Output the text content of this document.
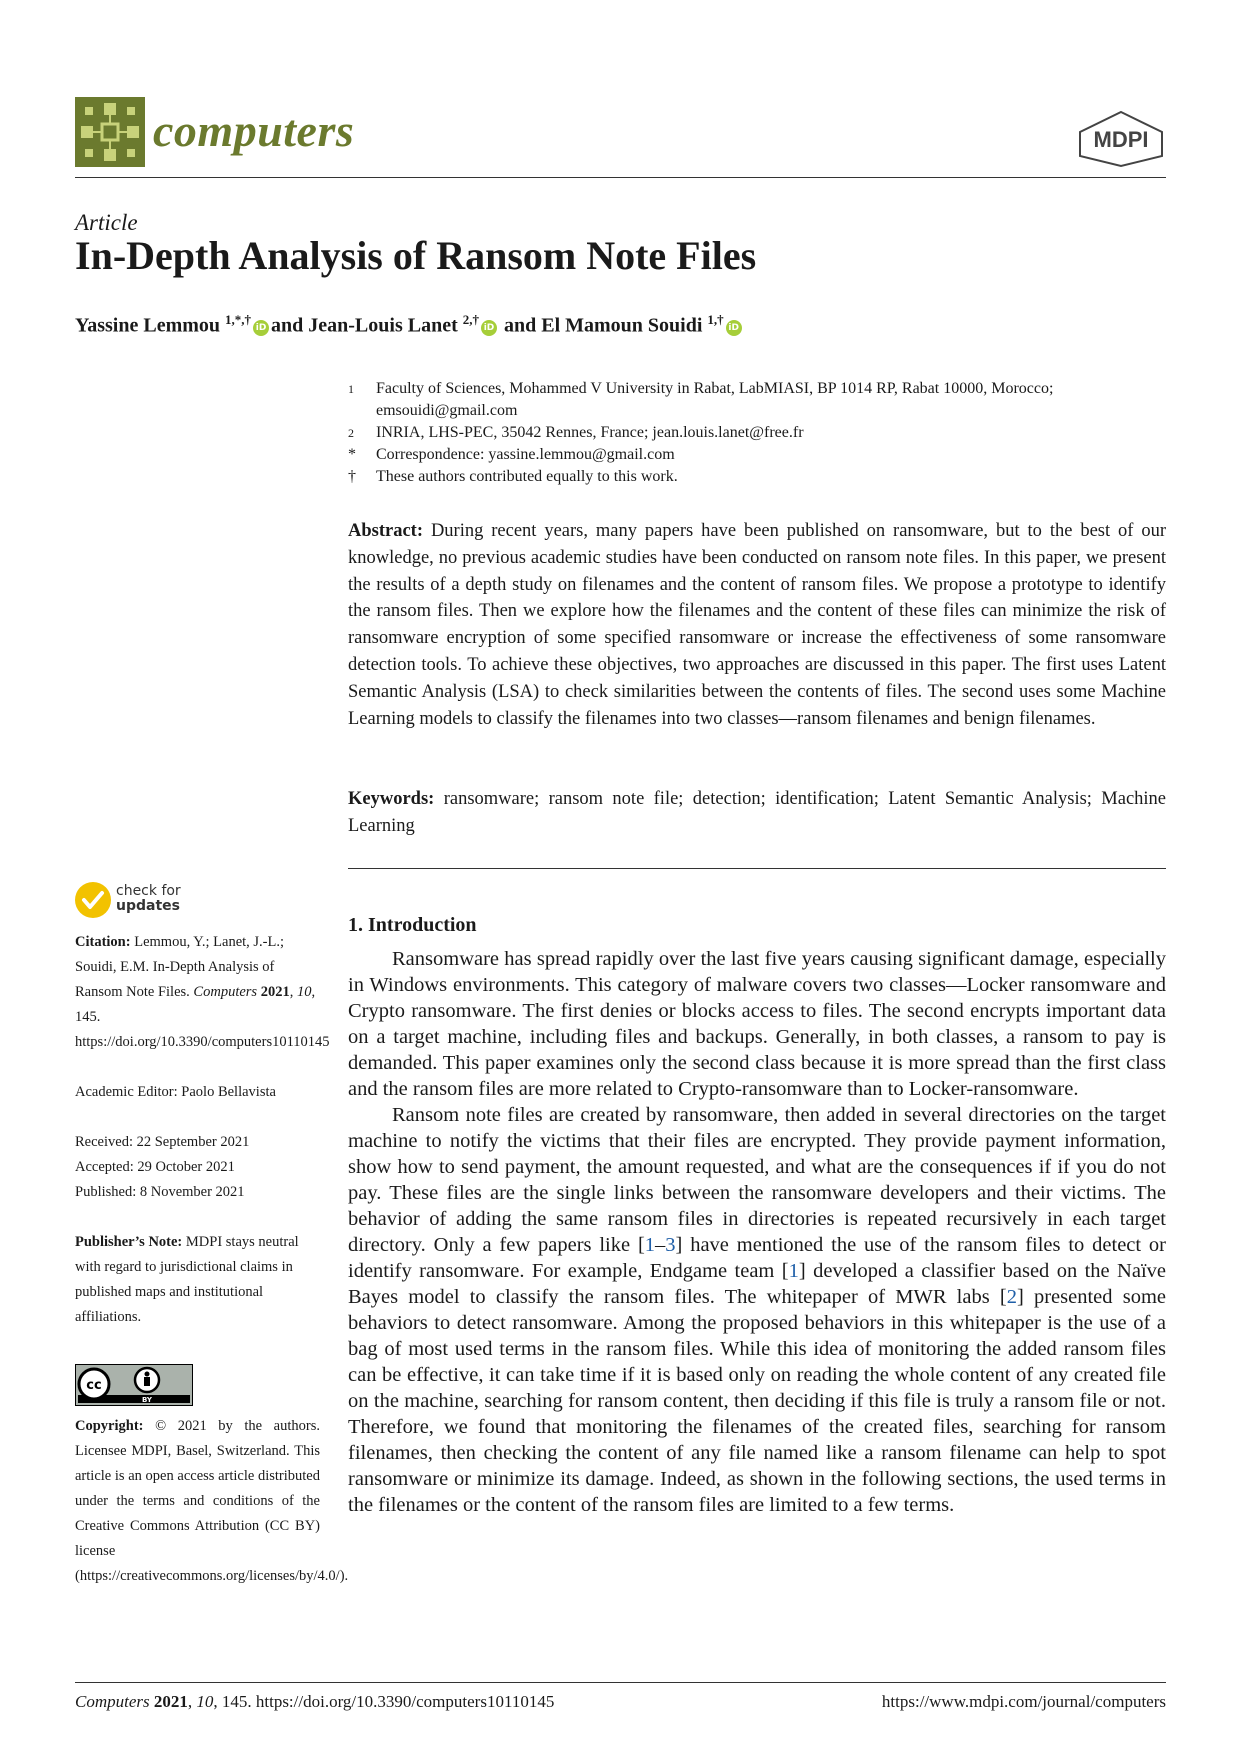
computers	MDPI
Article
In-Depth Analysis of Ransom Note Files
Yassine Lemmou $^{1,*,\dagger}$iD and Jean-Louis Lanet $^{2,\dagger}$iD and El Mamoun Souidi $^{1,\dagger}$iD
1	Faculty of Sciences, Mohammed V University in Rabat, LabMIASI, BP 1014 RP, Rabat 10000, Morocco; emsouidi@gmail.com
2	INRIA, LHS-PEC, 35042 Rennes, France; jean.louis.lanet@free.fr
*	Correspondence: yassine.lemmou@gmail.com
†	These authors contributed equally to this work.
Abstract: During recent years, many papers have been published on ransomware, but to the best of our knowledge, no previous academic studies have been conducted on ransom note files. In this paper, we present the results of a depth study on filenames and the content of ransom files. We propose a prototype to identify the ransom files. Then we explore how the filenames and the content of these files can minimize the risk of ransomware encryption of some specified ransomware or increase the effectiveness of some ransomware detection tools. To achieve these objectives, two approaches are discussed in this paper. The first uses Latent Semantic Analysis (LSA) to check similarities between the contents of files. The second uses some Machine Learning models to classify the filenames into two classes—ransom filenames and benign filenames.
Keywords: ransomware; ransom note file; detection; identification; Latent Semantic Analysis; Machine Learning
check for
updates
Citation: Lemmou, Y.; Lanet, J.-L.; Souidi, E.M. In-Depth Analysis of Ransom Note Files. Computers 2021, 10, 145. https://doi.org/10.3390/computers10110145
Academic Editor: Paolo Bellavista
Received: 22 September 2021
Accepted: 29 October 2021
Published: 8 November 2021
Publisher’s Note: MDPI stays neutral with regard to jurisdictional claims in published maps and institutional affiliations.
cc
BY
Copyright: © 2021 by the authors. Licensee MDPI, Basel, Switzerland. This article is an open access article distributed under the terms and conditions of the Creative Commons Attribution (CC BY) license (https://creativecommons.org/licenses/by/4.0/).
1. Introduction

Ransomware has spread rapidly over the last five years causing significant damage, especially in Windows environments. This category of malware covers two classes—Locker ransomware and Crypto ransomware. The first denies or blocks access to files. The second encrypts important data on a target machine, including files and backups. Generally, in both classes, a ransom to pay is demanded. This paper examines only the second class because it is more spread than the first class and the ransom files are more related to Crypto-ransomware than to Locker-ransomware.

Ransom note files are created by ransomware, then added in several directories on the target machine to notify the victims that their files are encrypted. They provide payment information, show how to send payment, the amount requested, and what are the consequences if if you do not pay. These files are the single links between the ransomware developers and their victims. The behavior of adding the same ransom files in directories is repeated recursively in each target directory. Only a few papers like [1–3] have mentioned the use of the ransom files to detect or identify ransomware. For example, Endgame team [1] developed a classifier based on the Naïve Bayes model to classify the ransom files. The whitepaper of MWR labs [2] presented some behaviors to detect ransomware. Among the proposed behaviors in this whitepaper is the use of a bag of most used terms in the ransom files. While this idea of monitoring the added ransom files can be effective, it can take time if it is based only on reading the whole content of any created file on the machine, searching for ransom content, then deciding if this file is truly a ransom file or not. Therefore, we found that monitoring the filenames of the created files, searching for ransom filenames, then checking the content of any file named like a ransom filename can help to spot ransomware or minimize its damage. Indeed, as shown in the following sections, the used terms in the filenames or the content of the ransom files are limited to a few terms.

Computers 2021, 10, 145. https://doi.org/10.3390/computers10110145	https://www.mdpi.com/journal/computers
